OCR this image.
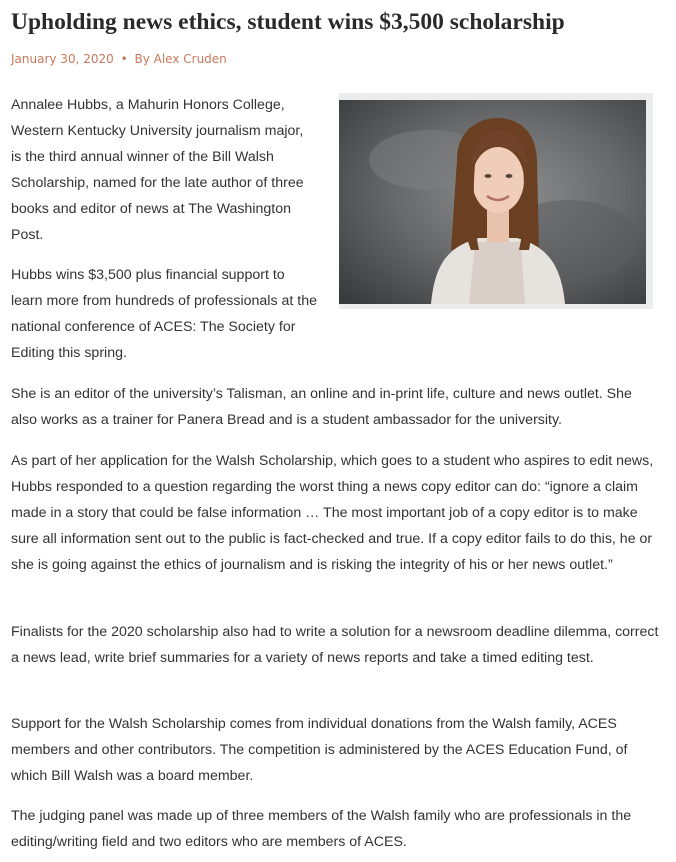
Upholding news ethics, student wins $3,500 scholarship
January 30, 2020 • By Alex Cruden

Annalee Hubbs, a Mahurin Honors College, Western Kentucky University journalism major, is the third annual winner of the Bill Walsh Scholarship, named for the late author of three books and editor of news at The Washington Post.

Hubbs wins $3,500 plus financial support to learn more from hundreds of professionals at the national conference of ACES: The Society for Editing this spring.

She is an editor of the university’s Talisman, an online and in-print life, culture and news outlet. She also works as a trainer for Panera Bread and is a student ambassador for the university.

As part of her application for the Walsh Scholarship, which goes to a student who aspires to edit news, Hubbs responded to a question regarding the worst thing a news copy editor can do: “ignore a claim made in a story that could be false information … The most important job of a copy editor is to make sure all information sent out to the public is fact-checked and true. If a copy editor fails to do this, he or she is going against the ethics of journalism and is risking the integrity of his or her news outlet.”

Finalists for the 2020 scholarship also had to write a solution for a newsroom deadline dilemma, correct a news lead, write brief summaries for a variety of news reports and take a timed editing test.

Support for the Walsh Scholarship comes from individual donations from the Walsh family, ACES members and other contributors. The competition is administered by the ACES Education Fund, of which Bill Walsh was a board member.

The judging panel was made up of three members of the Walsh family who are professionals in the editing/writing field and two editors who are members of ACES.
